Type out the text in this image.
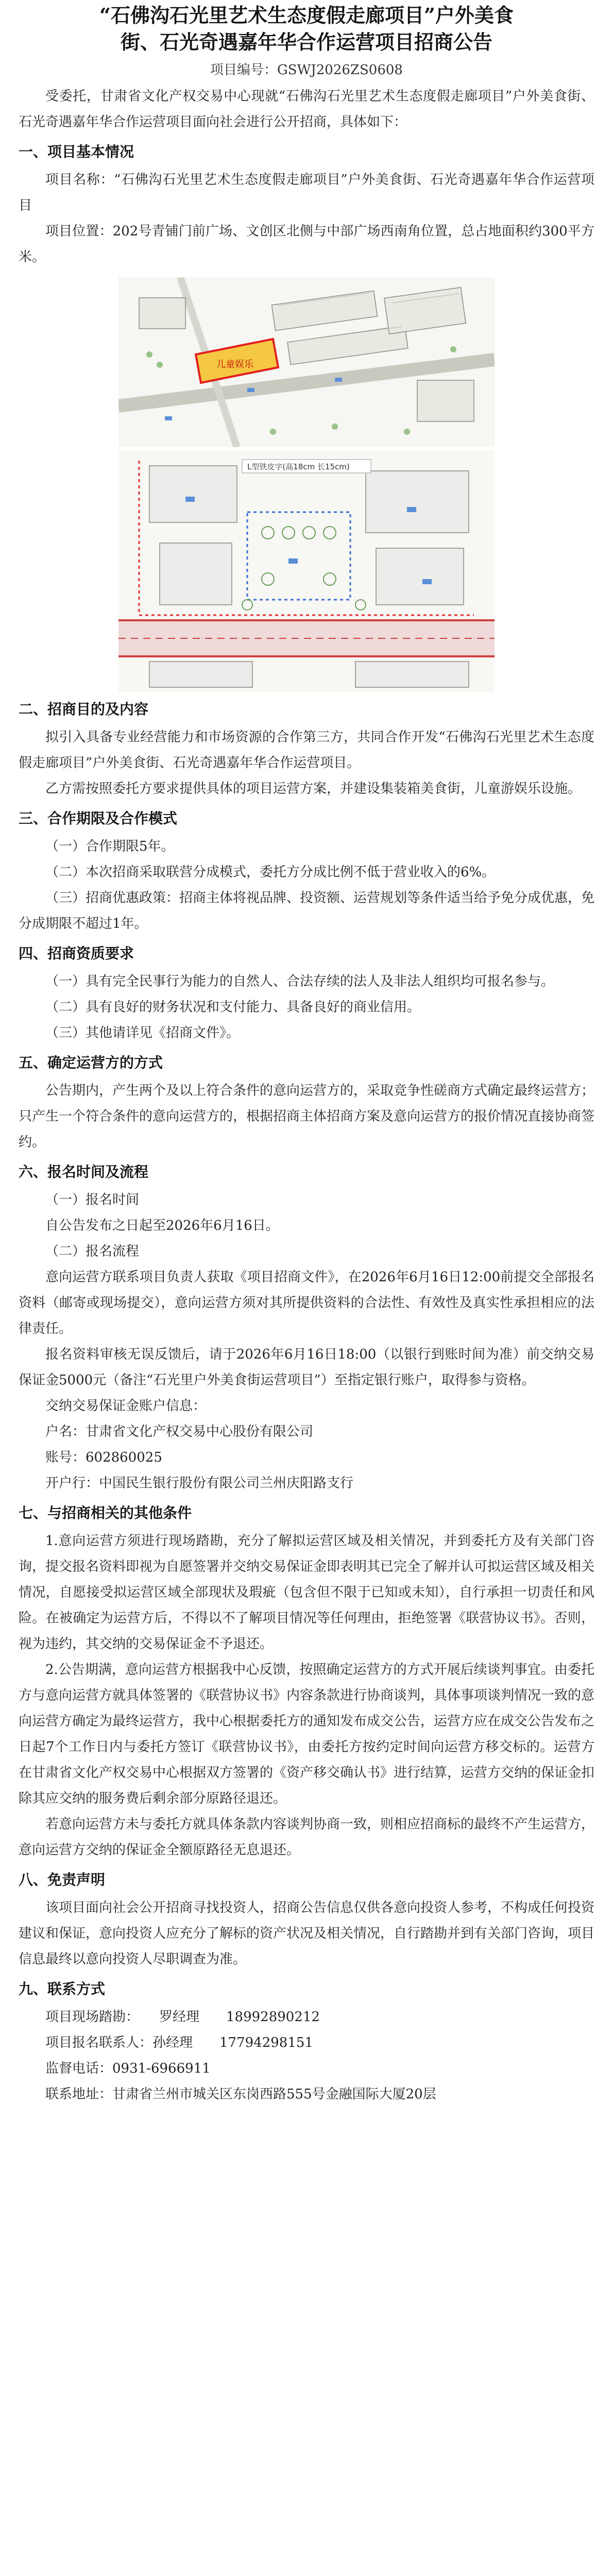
“石佛沟石光里艺术生态度假走廊项目”户外美食
街、石光奇遇嘉年华合作运营项目招商公告

项目编号：GSWJ2026ZS0608

受委托，甘肃省文化产权交易中心现就“石佛沟石光里艺术生态度假走廊项目”户外美食街、石光奇遇嘉年华合作运营项目面向社会进行公开招商，具体如下：

一、项目基本情况

项目名称：“石佛沟石光里艺术生态度假走廊项目”户外美食街、石光奇遇嘉年华合作运营项目

项目位置：202号青铺门前广场、文创区北侧与中部广场西南角位置，总占地面积约300平方米。

儿童娱乐
L型铁皮字(高18cm 长15cm)
二、招商目的及内容

拟引入具备专业经营能力和市场资源的合作第三方，共同合作开发“石佛沟石光里艺术生态度假走廊项目”户外美食街、石光奇遇嘉年华合作运营项目。

乙方需按照委托方要求提供具体的项目运营方案，并建设集装箱美食街，儿童游娱乐设施。

三、合作期限及合作模式

（一）合作期限5年。

（二）本次招商采取联营分成模式，委托方分成比例不低于营业收入的6%。

（三）招商优惠政策：招商主体将视品牌、投资额、运营规划等条件适当给予免分成优惠，免分成期限不超过1年。

四、招商资质要求

（一）具有完全民事行为能力的自然人、合法存续的法人及非法人组织均可报名参与。

（二）具有良好的财务状况和支付能力、具备良好的商业信用。

（三）其他请详见《招商文件》。

五、确定运营方的方式

公告期内，产生两个及以上符合条件的意向运营方的，采取竞争性磋商方式确定最终运营方；只产生一个符合条件的意向运营方的，根据招商主体招商方案及意向运营方的报价情况直接协商签约。

六、报名时间及流程

（一）报名时间

自公告发布之日起至2026年6月16日。

（二）报名流程

意向运营方联系项目负责人获取《项目招商文件》，在2026年6月16日12:00前提交全部报名资料（邮寄或现场提交），意向运营方须对其所提供资料的合法性、有效性及真实性承担相应的法律责任。

报名资料审核无误反馈后，请于2026年6月16日18:00（以银行到账时间为准）前交纳交易保证金5000元（备注“石光里户外美食街运营项目”）至指定银行账户，取得参与资格。

交纳交易保证金账户信息：

户名：甘肃省文化产权交易中心股份有限公司

账号：602860025

开户行：中国民生银行股份有限公司兰州庆阳路支行

七、与招商相关的其他条件

1.意向运营方须进行现场踏勘，充分了解拟运营区域及相关情况，并到委托方及有关部门咨询，提交报名资料即视为自愿签署并交纳交易保证金即表明其已完全了解并认可拟运营区域及相关情况，自愿接受拟运营区域全部现状及瑕疵（包含但不限于已知或未知），自行承担一切责任和风险。在被确定为运营方后，不得以不了解项目情况等任何理由，拒绝签署《联营协议书》。否则，视为违约，其交纳的交易保证金不予退还。

2.公告期满，意向运营方根据我中心反馈，按照确定运营方的方式开展后续谈判事宜。由委托方与意向运营方就具体签署的《联营协议书》内容条款进行协商谈判，具体事项谈判情况一致的意向运营方确定为最终运营方，我中心根据委托方的通知发布成交公告，运营方应在成交公告发布之日起7个工作日内与委托方签订《联营协议书》，由委托方按约定时间向运营方移交标的。运营方在甘肃省文化产权交易中心根据双方签署的《资产移交确认书》进行结算，运营方交纳的保证金扣除其应交纳的服务费后剩余部分原路径退还。

若意向运营方未与委托方就具体条款内容谈判协商一致，则相应招商标的最终不产生运营方，意向运营方交纳的保证金全额原路径无息退还。

八、免责声明

该项目面向社会公开招商寻找投资人，招商公告信息仅供各意向投资人参考，不构成任何投资建议和保证，意向投资人应充分了解标的资产状况及相关情况，自行踏勘并到有关部门咨询，项目信息最终以意向投资人尽职调查为准。

九、联系方式

项目现场踏勘：　　罗经理　　18992890212

项目报名联系人：孙经理　　17794298151

监督电话：0931-6966911

联系地址：甘肃省兰州市城关区东岗西路555号金融国际大厦20层
